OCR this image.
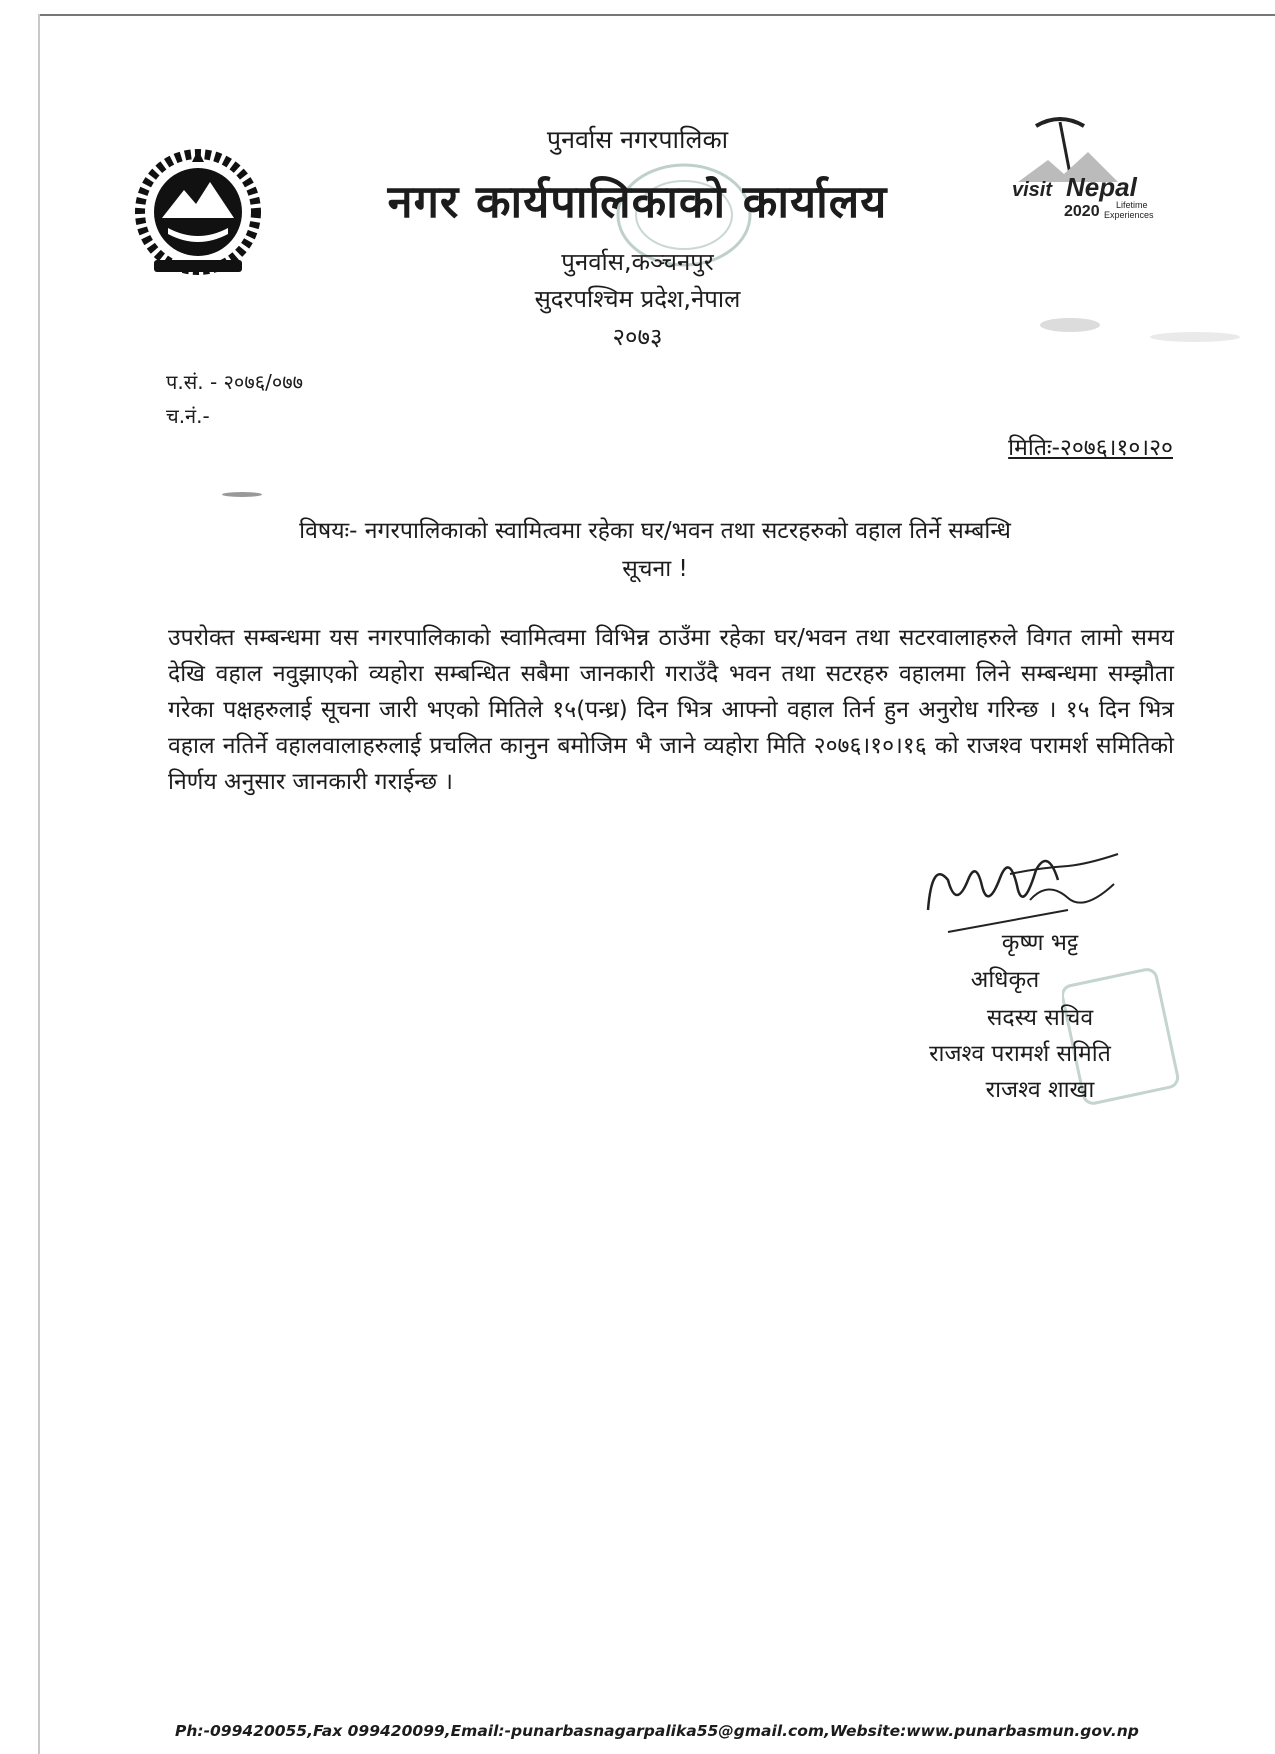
visit Nepal
2020 Lifetime
Experiences
पुनर्वास नगरपालिका
नगर कार्यपालिकाको कार्यालय
पुनर्वास,कञ्चनपुर
सुदरपश्चिम प्रदेश,नेपाल
२०७३
प.सं. - २०७६/०७७
च.नं.-
मितिः-२०७६।१०।२०
विषयः- नगरपालिकाको स्वामित्वमा रहेका घर/भवन तथा सटरहरुको वहाल तिर्ने सम्बन्धि
सूचना !
उपरोक्त सम्बन्धमा यस नगरपालिकाको स्वामित्वमा विभिन्न ठाउँमा रहेका घर/भवन तथा सटरवालाहरुले विगत लामो समय देखि वहाल नवुझाएको व्यहोरा सम्बन्धित सबैमा जानकारी गराउँदै भवन तथा सटरहरु वहालमा लिने सम्बन्धमा सम्झौता गरेका पक्षहरुलाई सूचना जारी भएको मितिले १५(पन्ध्र) दिन भित्र आफ्नो वहाल तिर्न हुन अनुरोध गरिन्छ । १५ दिन भित्र वहाल नतिर्ने वहालवालाहरुलाई प्रचलित कानुन बमोजिम भै जाने व्यहोरा मिति २०७६।१०।१६ को राजश्व परामर्श समितिको निर्णय अनुसार जानकारी गराईन्छ ।
कृष्ण भट्ट
अधिकृत
सदस्य सचिव
राजश्व परामर्श समिति
राजश्व शाखा
Ph:-099420055,Fax 099420099,Email:-punarbasnagarpalika55@gmail.com,Website:www.punarbasmun.gov.np
